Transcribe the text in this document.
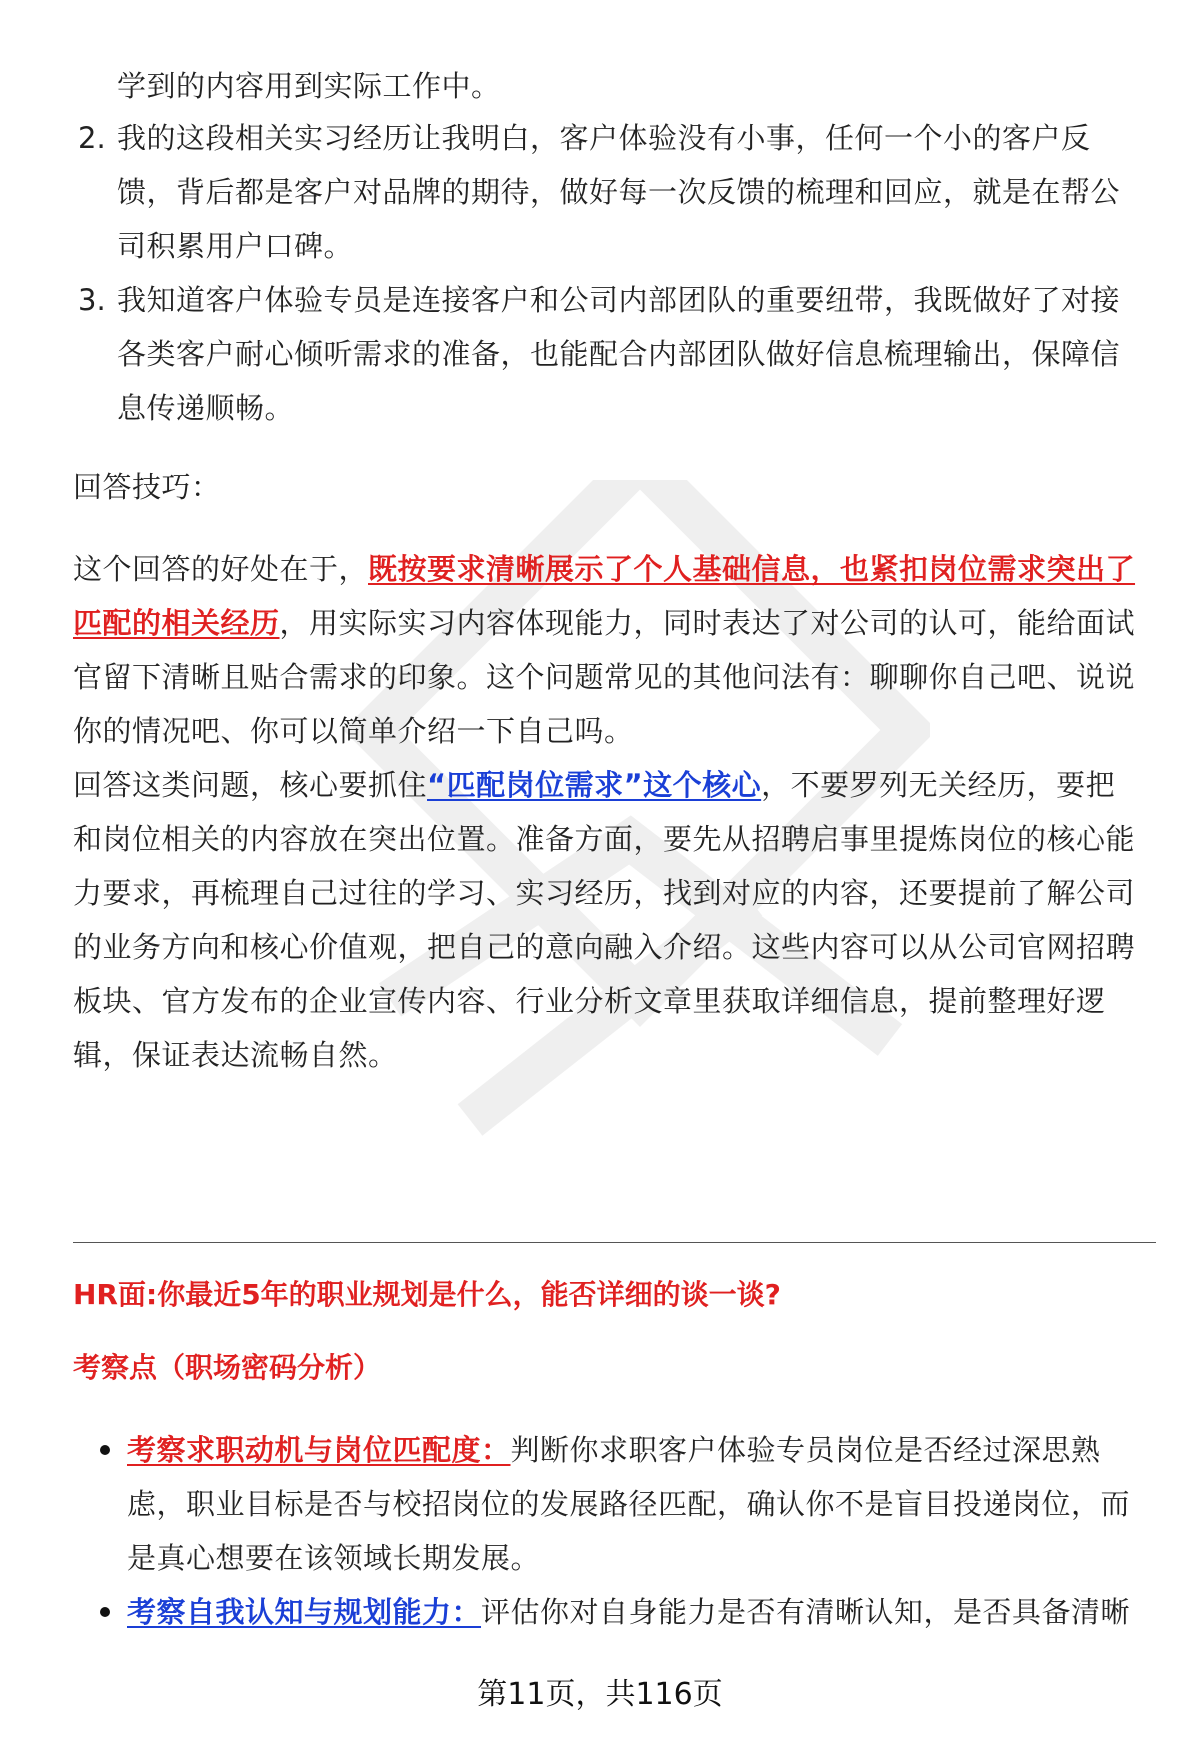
学到的内容用到实际工作中。
2. 我的这段相关实习经历让我明白，客户体验没有小事，任何一个小的客户反
馈，背后都是客户对品牌的期待，做好每一次反馈的梳理和回应，就是在帮公
司积累用户口碑。
3. 我知道客户体验专员是连接客户和公司内部团队的重要纽带，我既做好了对接
各类客户耐心倾听需求的准备，也能配合内部团队做好信息梳理输出，保障信
息传递顺畅。
回答技巧：
这个回答的好处在于，既按要求清晰展示了个人基础信息，也紧扣岗位需求突出了
匹配的相关经历，用实际实习内容体现能力，同时表达了对公司的认可，能给面试
官留下清晰且贴合需求的印象。这个问题常见的其他问法有：聊聊你自己吧、说说
你的情况吧、你可以简单介绍一下自己吗。
回答这类问题，核心要抓住“匹配岗位需求”这个核心，不要罗列无关经历，要把
和岗位相关的内容放在突出位置。准备方面，要先从招聘启事里提炼岗位的核心能
力要求，再梳理自己过往的学习、实习经历，找到对应的内容，还要提前了解公司
的业务方向和核心价值观，把自己的意向融入介绍。这些内容可以从公司官网招聘
板块、官方发布的企业宣传内容、行业分析文章里获取详细信息，提前整理好逻
辑，保证表达流畅自然。
HR面:你最近5年的职业规划是什么，能否详细的谈一谈?
考察点（职场密码分析）
考察求职动机与岗位匹配度：判断你求职客户体验专员岗位是否经过深思熟
虑，职业目标是否与校招岗位的发展路径匹配，确认你不是盲目投递岗位，而
是真心想要在该领域长期发展。
考察自我认知与规划能力：评估你对自身能力是否有清晰认知，是否具备清晰
第11页，共116页
